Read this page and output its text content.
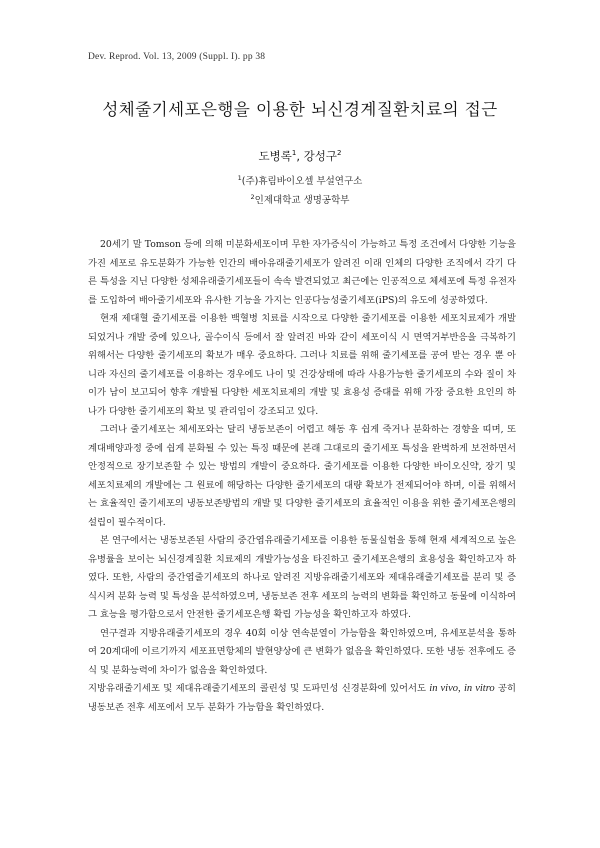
Dev. Reprod. Vol. 13, 2009 (Suppl. I). pp 38
성체줄기세포은행을 이용한 뇌신경계질환치료의 접근
도병록$^1$, 강성구$^2$
$^1$(주)휴림바이오셀 부설연구소
$^2$인제대학교 생명공학부

20세기 말 Tomson 등에 의해 미분화세포이며 무한 자가증식이 가능하고 특정 조건에서 다양한 기능을 가진 세포로 유도분화가 가능한 인간의 배아유래줄기세포가 알려진 이래 인체의 다양한 조직에서 각기 다른 특성을 지닌 다양한 성체유래줄기세포들이 속속 발견되었고 최근에는 인공적으로 체세포에 특정 유전자를 도입하여 배아줄기세포와 유사한 기능을 가지는 인공다능성줄기세포(iPS)의 유도에 성공하였다.

현재 제대혈 줄기세포를 이용한 백혈병 치료를 시작으로 다양한 줄기세포를 이용한 세포치료제가 개발되었거나 개발 중에 있으나, 골수이식 등에서 잘 알려진 바와 같이 세포이식 시 면역거부반응을 극복하기 위해서는 다양한 줄기세포의 확보가 매우 중요하다. 그러나 치료를 위해 줄기세포를 공여 받는 경우 뿐 아니라 자신의 줄기세포를 이용하는 경우에도 나이 및 건강상태에 따라 사용가능한 줄기세포의 수와 질이 차이가 남이 보고되어 향후 개발될 다양한 세포치료제의 개발 및 효용성 증대를 위해 가장 중요한 요인의 하나가 다양한 줄기세포의 확보 및 관리임이 강조되고 있다.

그러나 줄기세포는 체세포와는 달리 냉동보존이 어렵고 해동 후 쉽게 죽거나 분화하는 경향을 띠며, 또 계대배양과정 중에 쉽게 분화될 수 있는 특징 때문에 본래 그대로의 줄기세포 특성을 완벽하게 보전하면서 안정적으로 장기보존할 수 있는 방법의 개발이 중요하다. 줄기세포를 이용한 다양한 바이오신약, 장기 및 세포치료제의 개발에는 그 원료에 해당하는 다양한 줄기세포의 대량 확보가 전제되어야 하며, 이를 위해서는 효율적인 줄기세포의 냉동보존방법의 개발 및 다양한 줄기세포의 효율적인 이용을 위한 줄기세포은행의 설립이 필수적이다.

본 연구에서는 냉동보존된 사람의 중간엽유래줄기세포를 이용한 동물실험을 통해 현재 세계적으로 높은 유병률을 보이는 뇌신경계질환 치료제의 개발가능성을 타진하고 줄기세포은행의 효용성을 확인하고자 하였다. 또한, 사람의 중간엽줄기세포의 하나로 알려진 지방유래줄기세포와 제대유래줄기세포를 분리 및 증식시켜 분화 능력 및 특성을 분석하였으며, 냉동보존 전후 세포의 능력의 변화를 확인하고 동물에 이식하여 그 효능을 평가함으로서 안전한 줄기세포은행 확립 가능성을 확인하고자 하였다.

연구결과 지방유래줄기세포의 경우 40회 이상 연속분열이 가능함을 확인하였으며, 유세포분석을 통하여 20계대에 이르기까지 세포표면항체의 발현양상에 큰 변화가 없음을 확인하였다. 또한 냉동 전후에도 증식 및 분화능력에 차이가 없음을 확인하였다.

지방유래줄기세포 및 제대유래줄기세포의 콜린성 및 도파민성 신경분화에 있어서도 in vivo, in vitro 공히 냉동보존 전후 세포에서 모두 분화가 가능함을 확인하였다.
